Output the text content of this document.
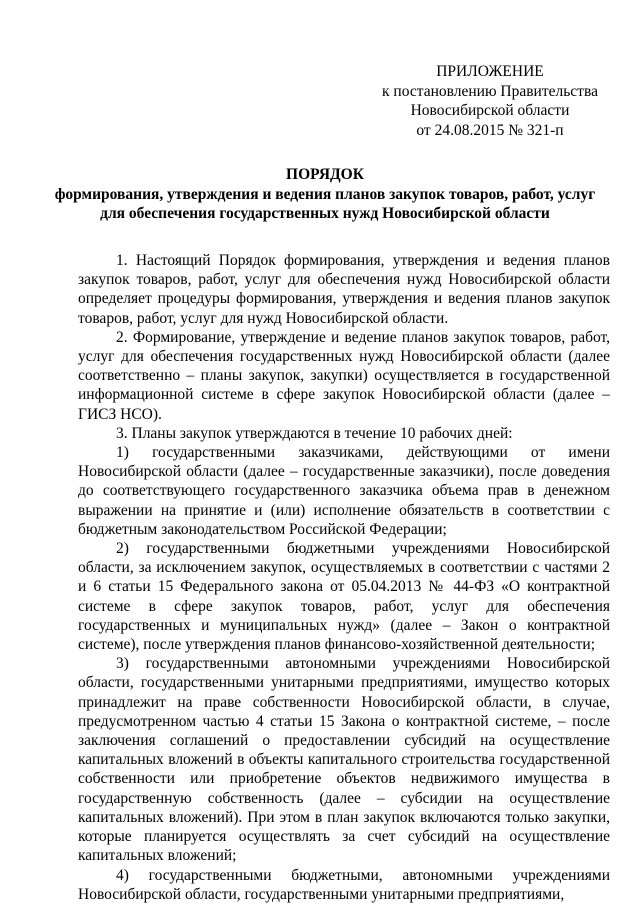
ПРИЛОЖЕНИЕ
к постановлению Правительства
Новосибирской области
от 24.08.2015 № 321-п
ПОРЯДОК
формирования, утверждения и ведения планов закупок товаров, работ, услуг
для обеспечения государственных нужд Новосибирской области

1. Настоящий Порядок формирования, утверждения и ведения планов закупок товаров, работ, услуг для обеспечения нужд Новосибирской области определяет процедуры формирования, утверждения и ведения планов закупок товаров, работ, услуг для нужд Новосибирской области.

2. Формирование, утверждение и ведение планов закупок товаров, работ, услуг для обеспечения государственных нужд Новосибирской области (далее соответственно – планы закупок, закупки) осуществляется в государственной информационной системе в сфере закупок Новосибирской области (далее – ГИСЗ НСО).

3. Планы закупок утверждаются в течение 10 рабочих дней:

1) государственными заказчиками, действующими от имени Новосибирской области (далее – государственные заказчики), после доведения до соответствующего государственного заказчика объема прав в денежном выражении на принятие и (или) исполнение обязательств в соответствии с бюджетным законодательством Российской Федерации;

2) государственными бюджетными учреждениями Новосибирской области, за исключением закупок, осуществляемых в соответствии с частями 2 и 6 статьи 15 Федерального закона от 05.04.2013 № 44-ФЗ «О контрактной системе в сфере закупок товаров, работ, услуг для обеспечения государственных и муниципальных нужд» (далее – Закон о контрактной системе), после утверждения планов финансово-хозяйственной деятельности;

3) государственными автономными учреждениями Новосибирской области, государственными унитарными предприятиями, имущество которых принадлежит на праве собственности Новосибирской области, в случае, предусмотренном частью 4 статьи 15 Закона о контрактной системе, – после заключения соглашений о предоставлении субсидий на осуществление капитальных вложений в объекты капитального строительства государственной собственности или приобретение объектов недвижимого имущества в государственную собственность (далее – субсидии на осуществление капитальных вложений). При этом в план закупок включаются только закупки, которые планируется осуществлять за счет субсидий на осуществление капитальных вложений;

4) государственными бюджетными, автономными учреждениями Новосибирской области, государственными унитарными предприятиями,
